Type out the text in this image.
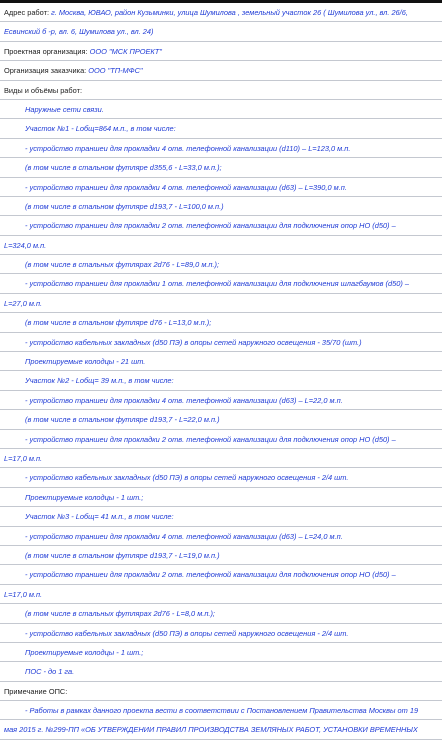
Адрес работ: г. Москва, ЮВАО, район Кузьминки, улица Шумилова , земельный участок 26 ( Шумилова ул., вл. 26/6,
Есвинский б -р, вл. 6, Шумилова ул., вл. 24)
Проектная организация: ООО "МСК ПРОЕКТ"
Организация заказчика: ООО "ТП-МФС"
Виды и объёмы работ:
Наружные сети связи.
Участок №1 - Lобщ=864 м.п., в том числе:
- устройство траншеи для прокладки 4 отв. телефонной канализации (d110) – L=123,0 м.п.
(в том числе в стальном футляре d355,6 - L=33,0 м.п.);
- устройство траншеи для прокладки 4 отв. телефонной канализации (d63) – L=390,0 м.п.
(в том числе в стальном футляре d193,7 - L=100,0 м.п.)
- устройство траншеи для прокладки 2 отв. телефонной канализации для подключения опор НО (d50) –
L=324,0 м.п.
(в том числе в стальных футлярах 2d76 - L=89,0 м.п.);
- устройство траншеи для прокладки 1 отв. телефонной канализации для подключения шлагбаумов (d50) –
L=27,0 м.п.
(в том числе в стальном футляре d76 - L=13,0 м.п.);
- устройство кабельных закладных (d50 ПЭ) в опоры сетей наружного освещения - 35/70 (шт.)
Проектируемые колодцы - 21 шт.
Участок №2 - Lобщ= 39 м.п., в том числе:
- устройство траншеи для прокладки 4 отв. телефонной канализации (d63) – L=22,0 м.п.
(в том числе в стальном футляре d193,7 - L=22,0 м.п.)
- устройство траншеи для прокладки 2 отв. телефонной канализации для подключения опор НО (d50) –
L=17,0 м.п.
- устройство кабельных закладных (d50 ПЭ) в опоры сетей наружного освещения - 2/4 шт.
Проектируемые колодцы - 1 шт.;
Участок №3 - Lобщ= 41 м.п., в том числе:
- устройство траншеи для прокладки 4 отв. телефонной канализации (d63) – L=24,0 м.п.
(в том числе в стальном футляре d193,7 - L=19,0 м.п.)
- устройство траншеи для прокладки 2 отв. телефонной канализации для подключения опор НО (d50) –
L=17,0 м.п.
(в том числе в стальных футлярах 2d76 - L=8,0 м.п.);
- устройство кабельных закладных (d50 ПЭ) в опоры сетей наружного освещения - 2/4 шт.
Проектируемые колодцы - 1 шт.;
ПОС - до 1 га.
Примечание ОПС:
- Работы в рамках данного проекта вести в соответствии с Постановлением Правительства Москвы от 19
мая 2015 г. №299-ПП «ОБ УТВЕРЖДЕНИИ ПРАВИЛ ПРОИЗВОДСТВА ЗЕМЛЯНЫХ РАБОТ, УСТАНОВКИ ВРЕМЕННЫХ
